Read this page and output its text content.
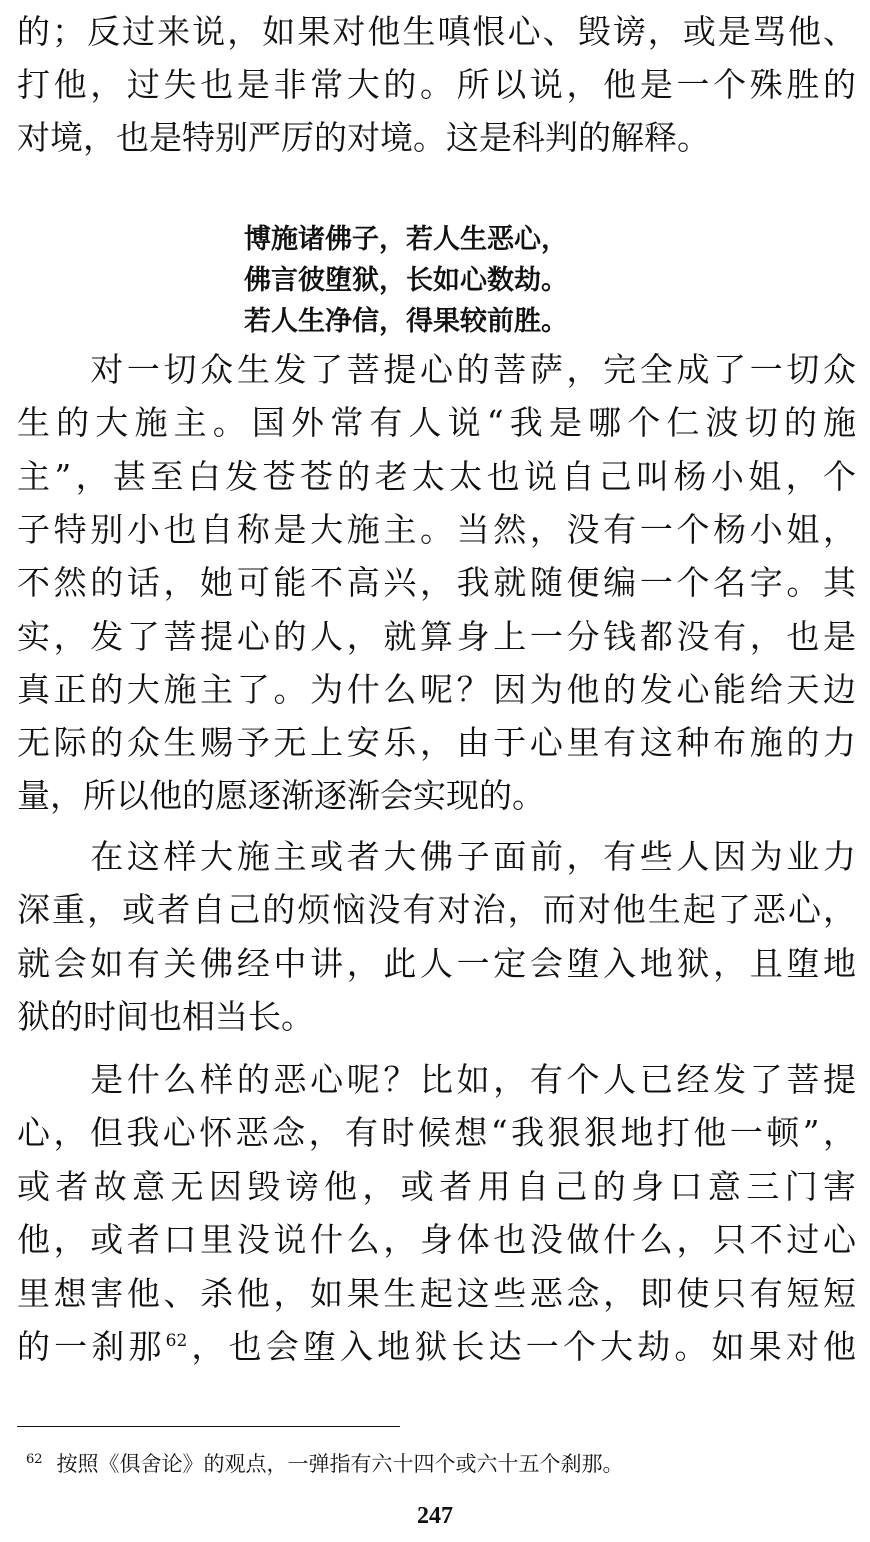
的；反过来说，如果对他生嗔恨心、毁谤，或是骂他、
打他，过失也是非常大的。所以说，他是一个殊胜的
对境，也是特别严厉的对境。这是科判的解释。
博施诸佛子，若人生恶心，
佛言彼堕狱，长如心数劫。
若人生净信，得果较前胜。
　　对一切众生发了菩提心的菩萨，完全成了一切众
生的大施主。国外常有人说“我是哪个仁波切的施
主”，甚至白发苍苍的老太太也说自己叫杨小姐，个
子特别小也自称是大施主。当然，没有一个杨小姐，
不然的话，她可能不高兴，我就随便编一个名字。其
实，发了菩提心的人，就算身上一分钱都没有，也是
真正的大施主了。为什么呢？因为他的发心能给天边
无际的众生赐予无上安乐，由于心里有这种布施的力
量，所以他的愿逐渐逐渐会实现的。
　　在这样大施主或者大佛子面前，有些人因为业力
深重，或者自己的烦恼没有对治，而对他生起了恶心，
就会如有关佛经中讲，此人一定会堕入地狱，且堕地
狱的时间也相当长。
　　是什么样的恶心呢？比如，有个人已经发了菩提
心，但我心怀恶念，有时候想“我狠狠地打他一顿”，
或者故意无因毁谤他，或者用自己的身口意三门害
他，或者口里没说什么，身体也没做什么，只不过心
里想害他、杀他，如果生起这些恶念，即使只有短短
的一刹那$^{62}$，也会堕入地狱长达一个大劫。如果对他
$^{62}$ 按照《俱舍论》的观点，一弹指有六十四个或六十五个刹那。
247
